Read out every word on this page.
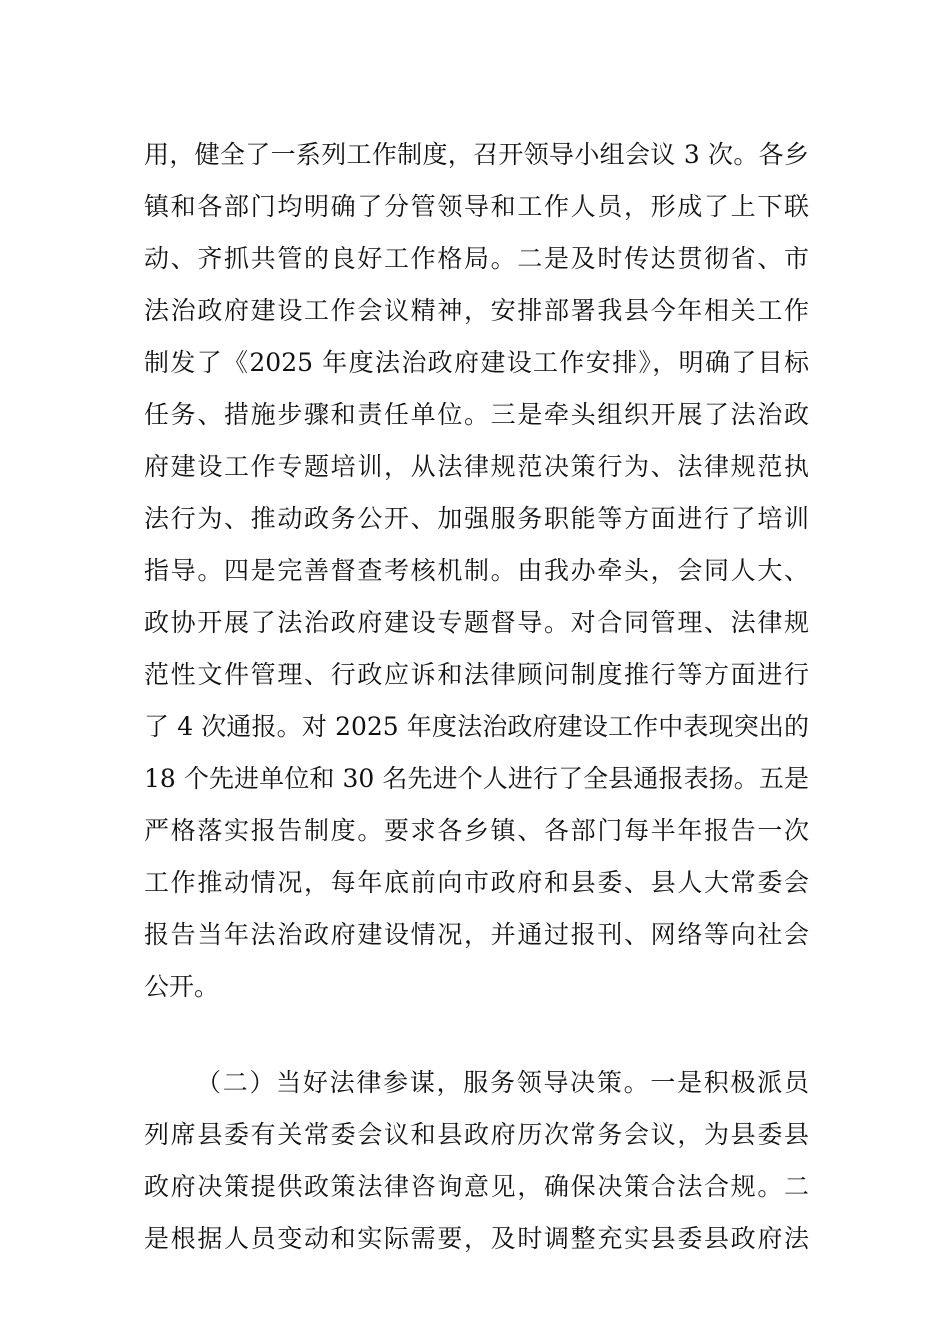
用，健全了一系列工作制度，召开领导小组会议 3 次。各乡
镇和各部门均明确了分管领导和工作人员，形成了上下联
动、齐抓共管的良好工作格局。二是及时传达贯彻省、市
法治政府建设工作会议精神，安排部署我县今年相关工作
制发了《2025 年度法治政府建设工作安排》，明确了目标
任务、措施步骤和责任单位。三是牵头组织开展了法治政
府建设工作专题培训，从法律规范决策行为、法律规范执
法行为、推动政务公开、加强服务职能等方面进行了培训
指导。四是完善督查考核机制。由我办牵头，会同人大、
政协开展了法治政府建设专题督导。对合同管理、法律规
范性文件管理、行政应诉和法律顾问制度推行等方面进行
了 4 次通报。对 2025 年度法治政府建设工作中表现突出的
18 个先进单位和 30 名先进个人进行了全县通报表扬。五是
严格落实报告制度。要求各乡镇、各部门每半年报告一次
工作推动情况，每年底前向市政府和县委、县人大常委会
报告当年法治政府建设情况，并通过报刊、网络等向社会
公开。
（二）当好法律参谋，服务领导决策。一是积极派员
列席县委有关常委会议和县政府历次常务会议，为县委县
政府决策提供政策法律咨询意见，确保决策合法合规。二
是根据人员变动和实际需要，及时调整充实县委县政府法
